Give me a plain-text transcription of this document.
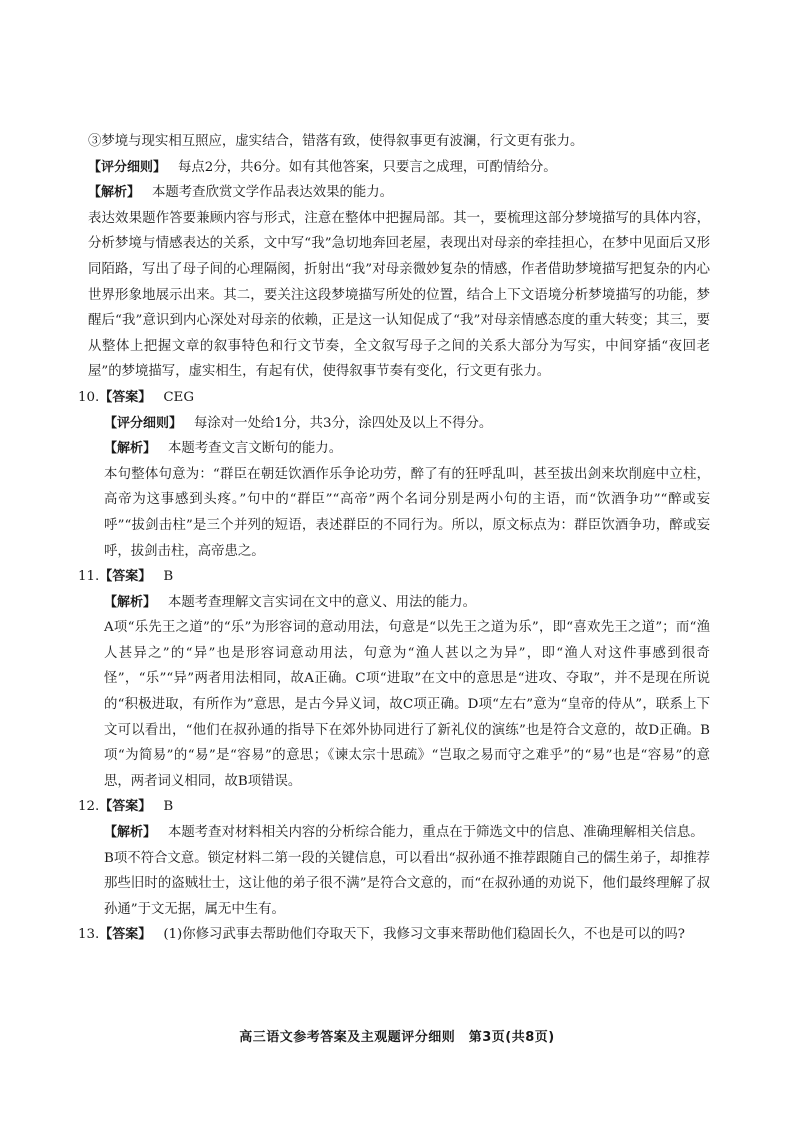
③梦境与现实相互照应，虚实结合，错落有致，使得叙事更有波澜，行文更有张力。

【评分细则】 每点2分，共6分。如有其他答案，只要言之成理，可酌情给分。

【解析】 本题考查欣赏文学作品表达效果的能力。

表达效果题作答要兼顾内容与形式，注意在整体中把握局部。其一，要梳理这部分梦境描写的具体内容，分析梦境与情感表达的关系，文中写“我”急切地奔回老屋，表现出对母亲的牵挂担心，在梦中见面后又形同陌路，写出了母子间的心理隔阂，折射出“我”对母亲微妙复杂的情感，作者借助梦境描写把复杂的内心世界形象地展示出来。其二，要关注这段梦境描写所处的位置，结合上下文语境分析梦境描写的功能，梦醒后“我”意识到内心深处对母亲的依赖，正是这一认知促成了“我”对母亲情感态度的重大转变；其三，要从整体上把握文章的叙事特色和行文节奏，全文叙写母子之间的关系大部分为写实，中间穿插“夜回老屋”的梦境描写，虚实相生，有起有伏，使得叙事节奏有变化，行文更有张力。

10.【答案】 CEG

【评分细则】 每涂对一处给1分，共3分，涂四处及以上不得分。

【解析】 本题考查文言文断句的能力。

本句整体句意为：“群臣在朝廷饮酒作乐争论功劳，醉了有的狂呼乱叫，甚至拔出剑来坎削庭中立柱，高帝为这事感到头疼。”句中的“群臣”“高帝”两个名词分别是两小句的主语，而“饮酒争功”“醉或妄呼”“拔剑击柱”是三个并列的短语，表述群臣的不同行为。所以，原文标点为：群臣饮酒争功，醉或妄呼，拔剑击柱，高帝患之。

11.【答案】 B

【解析】 本题考查理解文言实词在文中的意义、用法的能力。

A项“乐先王之道”的“乐”为形容词的意动用法，句意是“以先王之道为乐”，即“喜欢先王之道”；而“渔人甚异之”的“异”也是形容词意动用法，句意为“渔人甚以之为异”，即“渔人对这件事感到很奇怪”，“乐”“异”两者用法相同，故A正确。C项“进取”在文中的意思是“进攻、夺取”，并不是现在所说的“积极进取，有所作为”意思，是古今异义词，故C项正确。D项“左右”意为“皇帝的侍从”，联系上下文可以看出，“他们在叔孙通的指导下在郊外协同进行了新礼仪的演练”也是符合文意的，故D正确。B项“为简易”的“易”是“容易”的意思；《谏太宗十思疏》“岂取之易而守之难乎”的“易”也是“容易”的意思，两者词义相同，故B项错误。

12.【答案】 B

【解析】 本题考查对材料相关内容的分析综合能力，重点在于筛选文中的信息、准确理解相关信息。

B项不符合文意。锁定材料二第一段的关键信息，可以看出“叔孙通不推荐跟随自己的儒生弟子，却推荐那些旧时的盗贼壮士，这让他的弟子很不满”是符合文意的，而“在叔孙通的劝说下，他们最终理解了叔孙通”于文无据，属无中生有。

13.【答案】 (1)你修习武事去帮助他们夺取天下，我修习文事来帮助他们稳固长久，不也是可以的吗?

高三语文参考答案及主观题评分细则　第3页(共8页)
